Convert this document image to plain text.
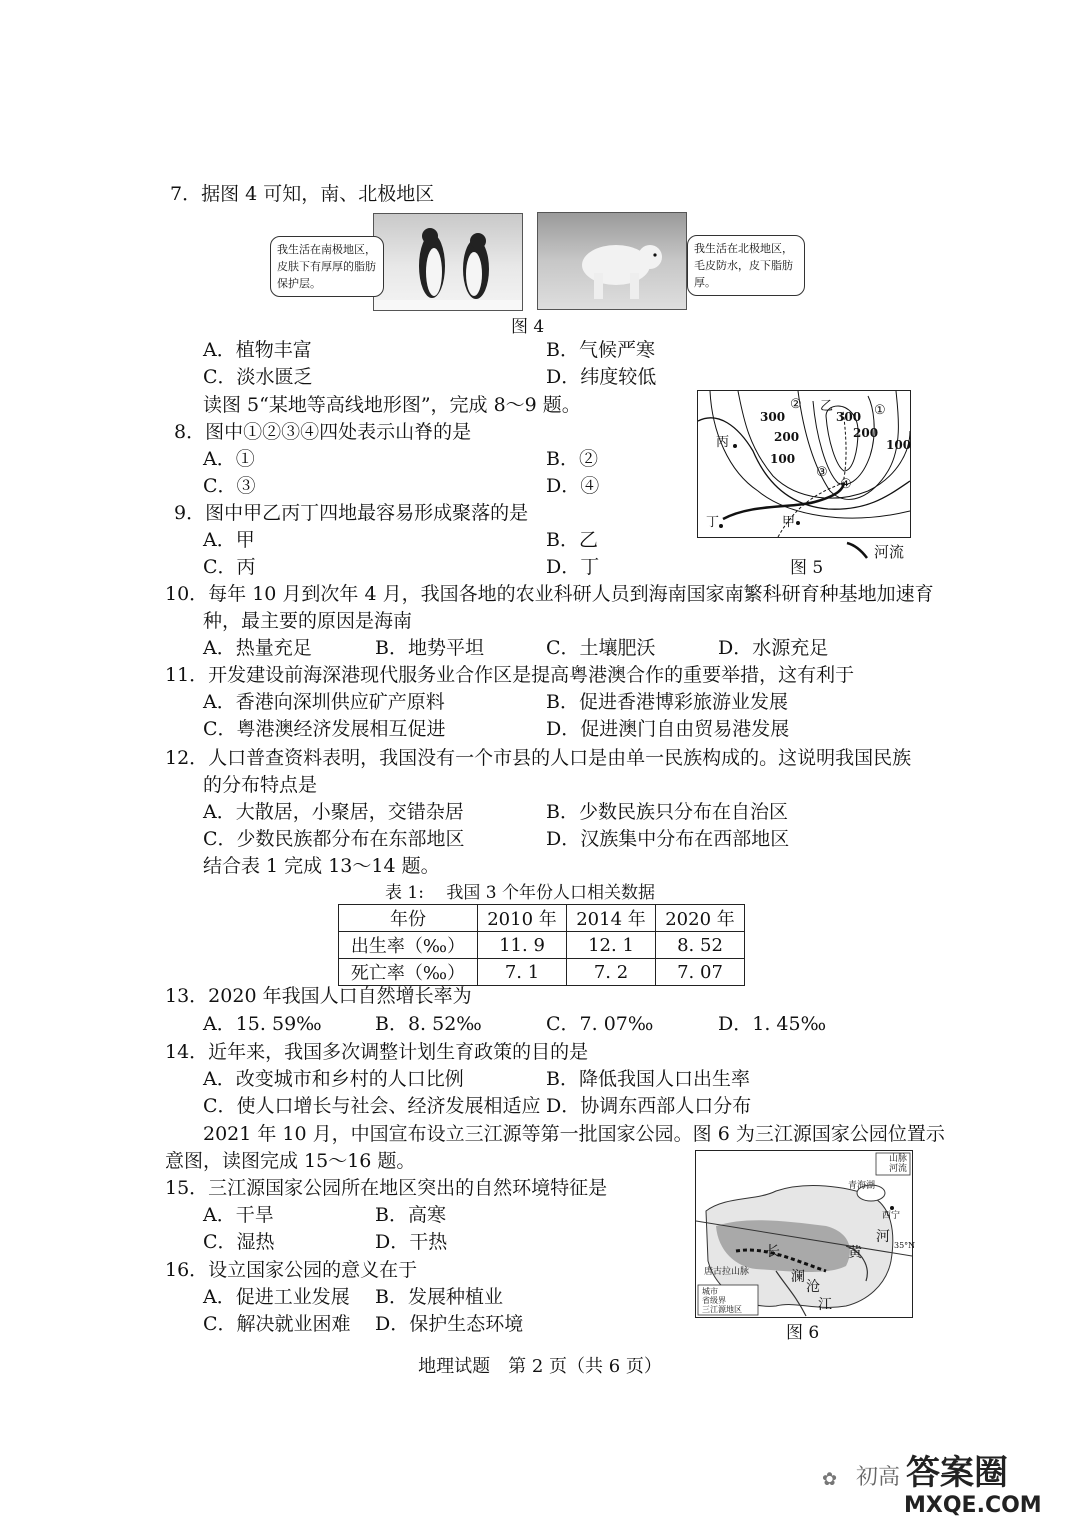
7．据图 4 可知，南、北极地区
我生活在南极地区，皮肤下有厚厚的脂肪保护层。
我生活在北极地区，毛皮防水，皮下脂肪厚。
图 4
A．植物丰富	B．气候严寒
C．淡水匮乏	D．纬度较低
读图 5“某地等高线地形图”，完成 8～9 题。
300	300
200	200
100
100
②	①
③
④
乙
丙
丁	甲
河流
图 5
8．图中①②③④四处表示山脊的是
A．①	B．②
C．③	D．④
9．图中甲乙丙丁四地最容易形成聚落的是
A．甲	B．乙
C．丙	D．丁
10．每年 10 月到次年 4 月，我国各地的农业科研人员到海南国家南繁科研育种基地加速育
种，最主要的原因是海南
A．热量充足	B．地势平坦	C．土壤肥沃	D．水源充足
11．开发建设前海深港现代服务业合作区是提高粤港澳合作的重要举措，这有利于
A．香港向深圳供应矿产原料	B．促进香港博彩旅游业发展
C．粤港澳经济发展相互促进	D．促进澳门自由贸易港发展
12．人口普查资料表明，我国没有一个市县的人口是由单一民族构成的。这说明我国民族
的分布特点是
A．大散居，小聚居，交错杂居	B．少数民族只分布在自治区
C．少数民族都分布在东部地区	D．汉族集中分布在西部地区
结合表 1 完成 13～14 题。
表 1:　 我国 3 个年份人口相关数据
年份	2010 年	2014 年	2020 年
出生率（‰）	11. 9	12. 1	8. 52
死亡率（‰）	7. 1	7. 2	7. 07
13．2020 年我国人口自然增长率为
A．15. 59‰	B．8. 52‰	C．7. 07‰	D．1. 45‰
14．近年来，我国多次调整计划生育政策的目的是
A．改变城市和乡村的人口比例	B．降低我国人口出生率
C．使人口增长与社会、经济发展相适应 D．协调东西部人口分布
2021 年 10 月，中国宣布设立三江源等第一批国家公园。图 6 为三江源国家公园位置示
意图，读图完成 15～16 题。	山脉
河流
青海湖
西宁
河
35°N
长
澜
沧
江
黄
唐古拉山脉
城市
省级界
三江源地区
图 6
15．三江源国家公园所在地区突出的自然环境特征是
A．干旱	B．高寒
C．湿热	D．干热
16．设立国家公园的意义在于
A．促进工业发展 B．发展种植业
C．解决就业困难 D．保护生态环境
地理试题　第 2 页（共 6 页）
✿ 初高 答案圈
MXQE.COM
